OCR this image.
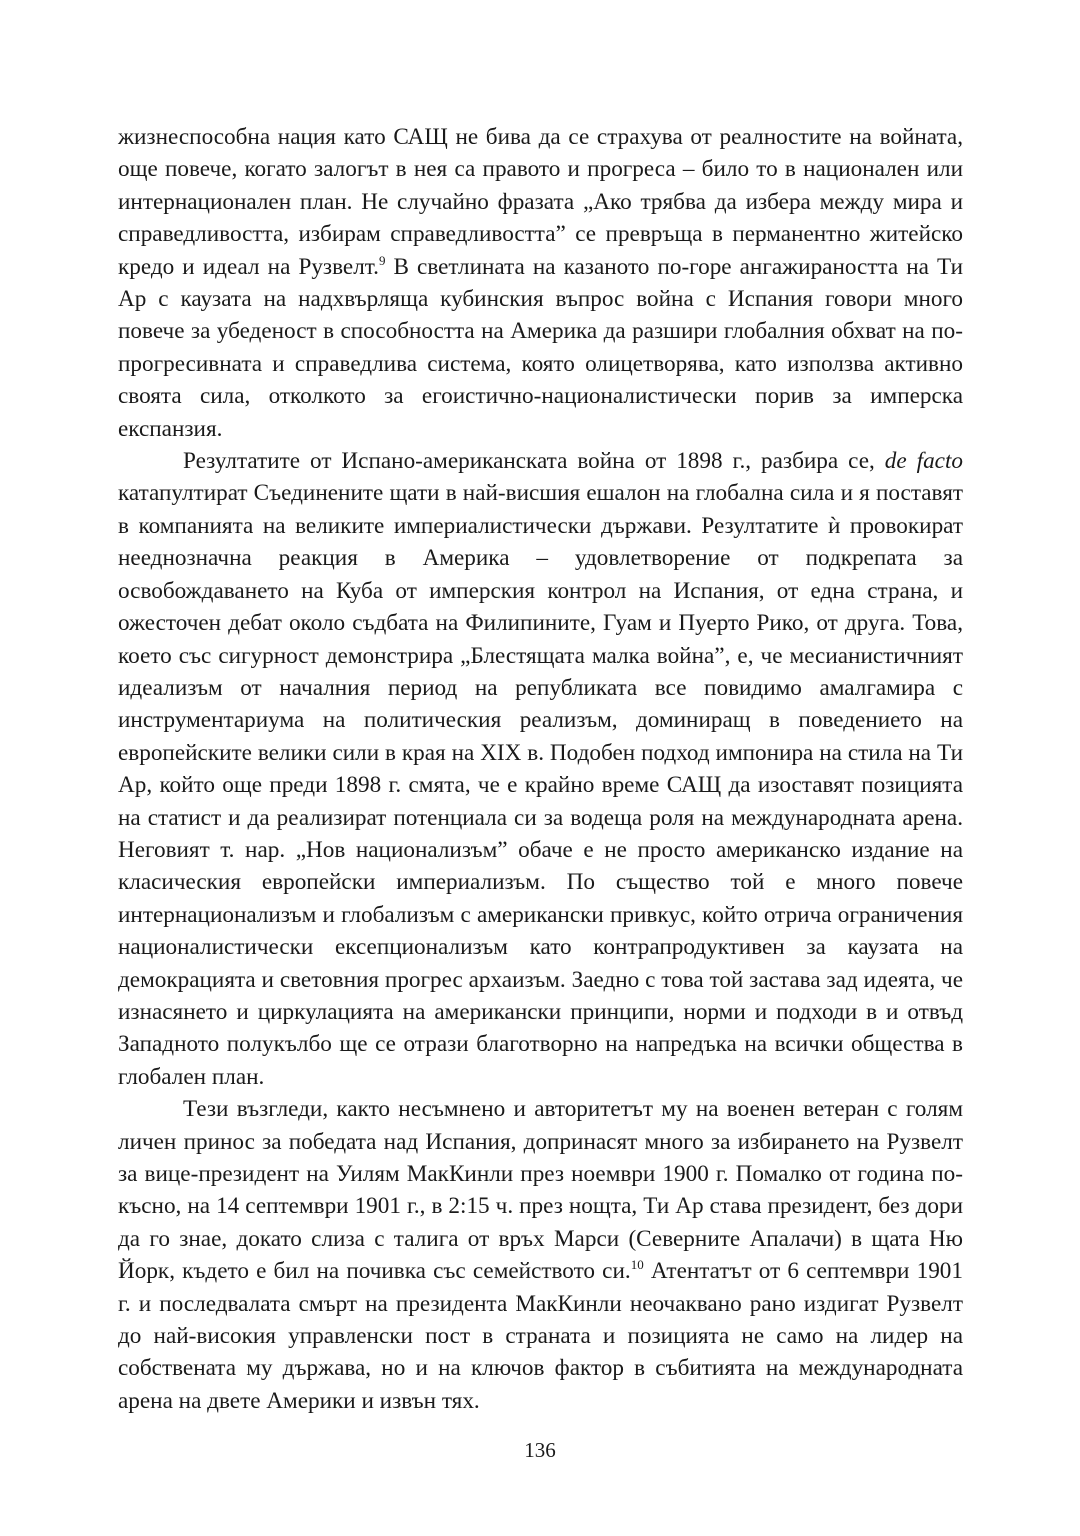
жизнеспособна нация като САЩ не бива да се страхува от реалностите на войната, още повече, когато залогът в нея са правото и прогреса – било то в национален или интернационален план. Не случайно фразата „Ако трябва да избера между мира и справедливостта, избирам справедливостта” се превръща в перманентно житейско кредо и идеал на Рузвелт.$^9$ В светлината на казаното по-горе ангажираността на Ти Ар с каузата на надхвърляща кубинския въпрос война с Испания говори много повече за убеденост в способността на Америка да разшири глобалния обхват на по-прогресивната и справедлива система, която олицетворява, като използва активно своята сила, отколкото за егоистично-националистически порив за имперска експанзия.

Резултатите от Испано-американската война от 1898 г., разбира се, de facto катапултират Съединените щати в най-висшия ешалон на глобална сила и я поставят в компанията на великите империалистически държави. Резултатите ѝ провокират нееднозначна реакция в Америка – удовлетворение от подкрепата за освобождаването на Куба от имперския контрол на Испания, от една страна, и ожесточен дебат около съдбата на Филипините, Гуам и Пуерто Рико, от друга. Това, което със сигурност демонстрира „Блестящата малка война”, е, че месианистичният идеализъм от началния период на републиката все повидимо амалгамира с инструментариума на политическия реализъм, доминиращ в поведението на европейските велики сили в края на XIX в. Подобен подход импонира на стила на Ти Ар, който още преди 1898 г. смята, че е крайно време САЩ да изоставят позицията на статист и да реализират потенциала си за водеща роля на международната арена. Неговият т. нар. „Нов национализъм” обаче е не просто американско издание на класическия европейски империализъм. По същество той е много повече интернационализъм и глобализъм с американски привкус, който отрича ограничения националистически ексепционализъм като контрапродуктивен за каузата на демокрацията и световния прогрес архаизъм. Заедно с това той застава зад идеята, че изнасянето и циркулацията на американски принципи, норми и подходи в и отвъд Западното полукълбо ще се отрази благотворно на напредъка на всички общества в глобален план.

Тези възгледи, както несъмнено и авторитетът му на военен ветеран с голям личен принос за победата над Испания, допринасят много за избирането на Рузвелт за вице-президент на Уилям МакКинли през ноември 1900 г. Помалко от година по-късно, на 14 септември 1901 г., в 2:15 ч. през нощта, Ти Ар става президент, без дори да го знае, докато слиза с талига от връх Марси (Северните Апалачи) в щата Ню Йорк, където е бил на почивка със семейството си.$^{10}$ Атентатът от 6 септември 1901 г. и последвалата смърт на президента МакКинли неочаквано рано издигат Рузвелт до най-високия управленски пост в страната и позицията не само на лидер на собствената му държава, но и на ключов фактор в събитията на международната арена на двете Америки и извън тях.

136
